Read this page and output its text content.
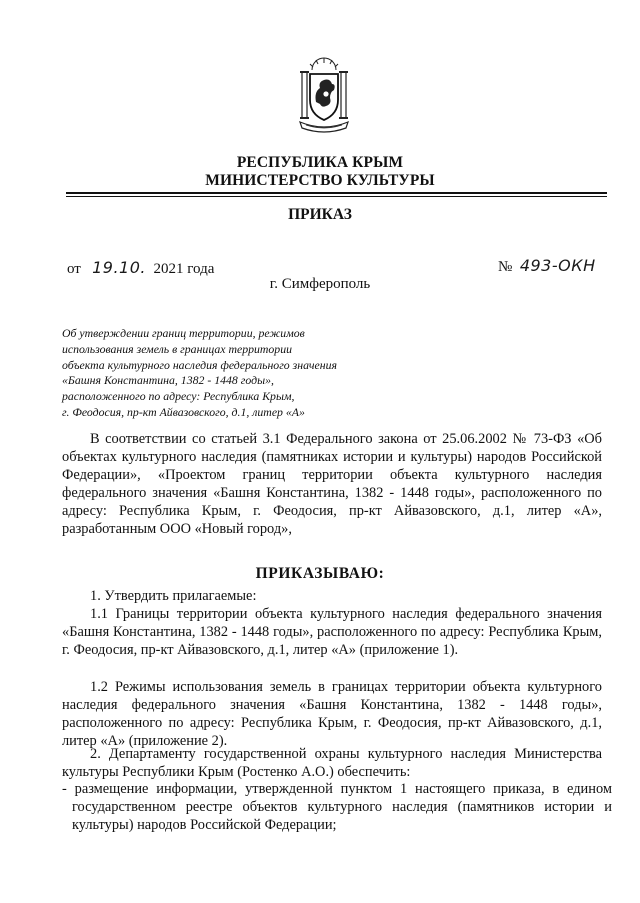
РЕСПУБЛИКА КРЫМ
МИНИСТЕРСТВО КУЛЬТУРЫ
ПРИКАЗ
от 19.10. 2021 года	№ 493-ОКН
г. Симферополь
Об утверждении границ территории, режимов
использования земель в границах территории
объекта культурного наследия федерального значения
«Башня Константина, 1382 - 1448 годы»,
расположенного по адресу: Республика Крым,
г. Феодосия, пр-кт Айвазовского, д.1, литер «А»
В соответствии со статьей 3.1 Федерального закона от 25.06.2002 № 73-ФЗ «Об объектах культурного наследия (памятниках истории и культуры) народов Российской Федерации», «Проектом границ территории объекта культурного наследия федерального значения «Башня Константина, 1382 - 1448 годы», расположенного по адресу: Республика Крым, г. Феодосия, пр-кт Айвазовского, д.1, литер «А», разработанным ООО «Новый город»,
ПРИКАЗЫВАЮ:
1. Утвердить прилагаемые:
1.1 Границы территории объекта культурного наследия федерального значения «Башня Константина, 1382 - 1448 годы», расположенного по адресу: Республика Крым, г. Феодосия, пр-кт Айвазовского, д.1, литер «А» (приложение 1).
1.2 Режимы использования земель в границах территории объекта культурного наследия федерального значения «Башня Константина, 1382 - 1448 годы», расположенного по адресу: Республика Крым, г. Феодосия, пр-кт Айвазовского, д.1, литер «А» (приложение 2).
2. Департаменту государственной охраны культурного наследия Министерства культуры Республики Крым (Ростенко А.О.) обеспечить:
- размещение информации, утвержденной пунктом 1 настоящего приказа, в едином государственном реестре объектов культурного наследия (памятников истории и культуры) народов Российской Федерации;
